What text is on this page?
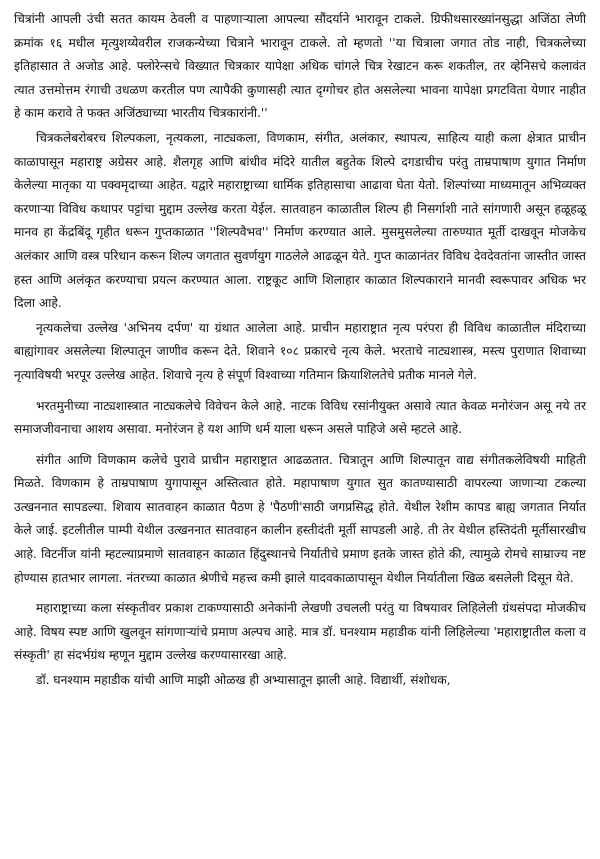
चित्रांनी आपली उंची सतत कायम ठेवली व पाहणाऱ्याला आपल्या सौंदर्याने भारावून टाकले. ग्रिफीथसारख्यांनसुद्धा अजिंठा लेणी क्रमांक १६ मधील मृत्युशय्येवरील राजकन्येच्या चित्राने भारावून टाकले. तो म्हणतो ''या चित्राला जगात तोड नाही, चित्रकलेच्या इतिहासात ते अजोड आहे. फ्लोरेन्सचे विख्यात चित्रकार यापेक्षा अधिक चांगले चित्र रेखाटन करू शकतील, तर व्हेनिसचे कलावंत त्यात उत्तमोत्तम रंगाची उधळण करतील पण त्यापैकी कुणासही त्यात दृग्गोचर होत असलेल्या भावना यापेक्षा प्रगटविता येणार नाहीत हे काम करावे ते फक्त अजिंठ्याच्या भारतीय चित्रकारांनी.''

चित्रकलेबरोबरच शिल्पकला, नृत्यकला, नाट्यकला, विणकाम, संगीत, अलंकार, स्थापत्य, साहित्य याही कला क्षेत्रात प्राचीन काळापासून महाराष्ट्र अग्रेसर आहे. शैलगृह आणि बांधीव मंदिरे यातील बहुतेक शिल्पे दगडाचीच परंतु ताम्रपाषाण युगात निर्माण केलेल्या मातृका या पक्वमृदाच्या आहेत. यद्वारे महाराष्ट्राच्या धार्मिक इतिहासाचा आढावा घेता येतो. शिल्पांच्या माध्यमातून अभिव्यक्त करणाऱ्या विविध कथापर पट्टांचा मुद्दाम उल्लेख करता येईल. सातवाहन काळातील शिल्प ही निसर्गाशी नाते सांगणारी असून हळूहळू मानव हा केंद्रबिंदू गृहीत धरून गुप्तकाळात ''शिल्पवैभव'' निर्माण करण्यात आले. मुसमुसलेल्या तारुण्यात मूर्ती दाखवून मोजकेच अलंकार आणि वस्त्र परिधान करून शिल्प जगतात सुवर्णयुग गाठलेले आढळून येते. गुप्त काळानंतर विविध देवदेवतांना जास्तीत जास्त हस्त आणि अलंकृत करण्याचा प्रयत्न करण्यात आला. राष्ट्रकूट आणि शिलाहार काळात शिल्पकाराने मानवी स्वरूपावर अधिक भर दिला आहे.

नृत्यकलेचा उल्लेख 'अभिनय दर्पण' या ग्रंथात आलेला आहे. प्राचीन महाराष्ट्रात नृत्य परंपरा ही विविध काळातील मंदिराच्या बाह्यांगावर असलेल्या शिल्पातून जाणीव करून देते. शिवाने १०८ प्रकारचे नृत्य केले. भरताचे नाट्यशास्त्र, मस्त्य पुराणात शिवाच्या नृत्याविषयी भरपूर उल्लेख आहेत. शिवाचे नृत्य हे संपूर्ण विश्वाच्या गतिमान क्रियाशिलतेचे प्रतीक मानले गेले.

भरतमुनीच्या नाट्यशास्त्रात नाट्यकलेचे विवेचन केले आहे. नाटक विविध रसांनीयुक्त असावे त्यात केवळ मनोरंजन असू नये तर समाजजीवनाचा आशय असावा. मनोरंजन हे यश आणि धर्म याला धरून असले पाहिजे असे म्हटले आहे.

संगीत आणि विणकाम कलेचे पुरावे प्राचीन महाराष्ट्रात आढळतात. चित्रातून आणि शिल्पातून वाद्य संगीतकलेविषयी माहिती मिळते. विणकाम हे ताम्रपाषाण युगापासून अस्तित्वात होते. महापाषाण युगात सुत कातण्यासाठी वापरल्या जाणाऱ्या टकल्या उत्खननात सापडल्या. शिवाय सातवाहन काळात पैठण हे 'पैठणी'साठी जगप्रसिद्ध होते. येथील रेशीम कापड बाह्य जगतात निर्यात केले जाई. इटलीतील पाम्पी येथील उत्खननात सातवाहन कालीन हस्तीदंती मूर्ती सापडली आहे. ती तेर येथील हस्तिदंती मूर्तीसारखीच आहे. विटर्नीज यांनी म्हटल्याप्रमाणे सातवाहन काळात हिंदुस्थानचे निर्यातीचे प्रमाण इतके जास्त होते की, त्यामुळे रोमचे साम्राज्य नष्ट होण्यास हातभार लागला. नंतरच्या काळात श्रेणीचे महत्त्व कमी झाले यादवकाळापासून येथील निर्यातीला खिळ बसलेली दिसून येते.

महाराष्ट्राच्या कला संस्कृतीवर प्रकाश टाकण्यासाठी अनेकांनी लेखणी उचलली परंतु या विषयावर लिहिलेली ग्रंथसंपदा मोजकीच आहे. विषय स्पष्ट आणि खुलवून सांगणाऱ्यांचे प्रमाण अल्पच आहे. मात्र डॉ. घनश्याम महाडीक यांनी लिहिलेल्या 'महाराष्ट्रातील कला व संस्कृती' हा संदर्भग्रंथ म्हणून मुद्दाम उल्लेख करण्यासारखा आहे.

डॉ. घनश्याम महाडीक यांची आणि माझी ओळख ही अभ्यासातून झाली आहे. विद्यार्थी, संशोधक,
